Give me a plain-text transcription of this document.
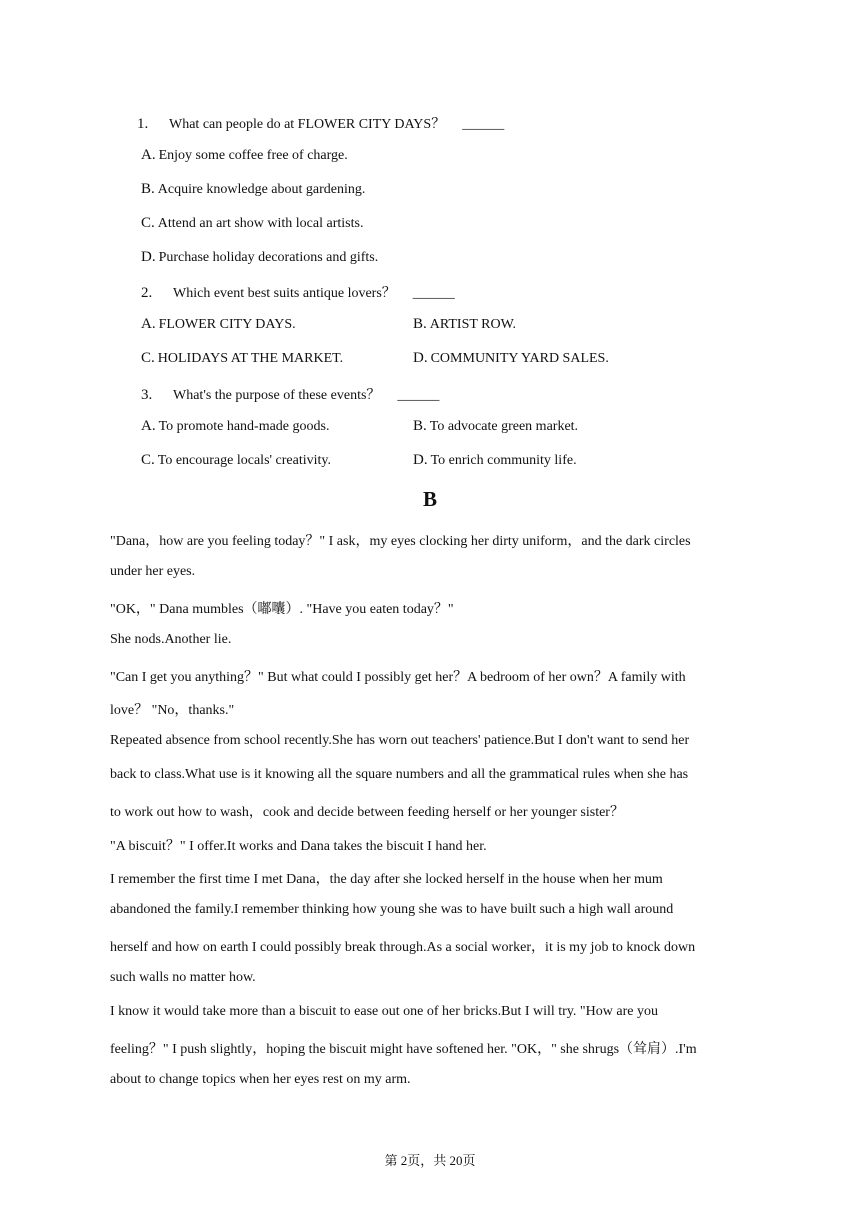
1. What can people do at FLOWER CITY DAYS？ ______
A. Enjoy some coffee free of charge.
B. Acquire knowledge about gardening.
C. Attend an art show with local artists.
D. Purchase holiday decorations and gifts.
2. Which event best suits antique lovers？ ______
A. FLOWER CITY DAYS.	B. ARTIST ROW.
C. HOLIDAYS AT THE MARKET.	D. COMMUNITY YARD SALES.
3. What's the purpose of these events？ ______
A. To promote hand-made goods.	B. To advocate green market.
C. To encourage locals' creativity.	D. To enrich community life.
B
"Dana，how are you feeling today？" I ask，my eyes clocking her dirty uniform，and the dark circles
under her eyes.
"OK，" Dana mumbles（嘟囔）. "Have you eaten today？"
She nods.Another lie.
"Can I get you anything？" But what could I possibly get her？A bedroom of her own？A family with
love？ "No，thanks."
Repeated absence from school recently.She has worn out teachers' patience.But I don't want to send her
back to class.What use is it knowing all the square numbers and all the grammatical rules when she has
to work out how to wash，cook and decide between feeding herself or her younger sister？
"A biscuit？" I offer.It works and Dana takes the biscuit I hand her.
I remember the first time I met Dana，the day after she locked herself in the house when her mum
abandoned the family.I remember thinking how young she was to have built such a high wall around
herself and how on earth I could possibly break through.As a social worker，it is my job to knock down
such walls no matter how.
I know it would take more than a biscuit to ease out one of her bricks.But I will try. "How are you
feeling？" I push slightly，hoping the biscuit might have softened her. "OK，" she shrugs（耸肩）.I'm
about to change topics when her eyes rest on my arm.
第 2页，共 20页
